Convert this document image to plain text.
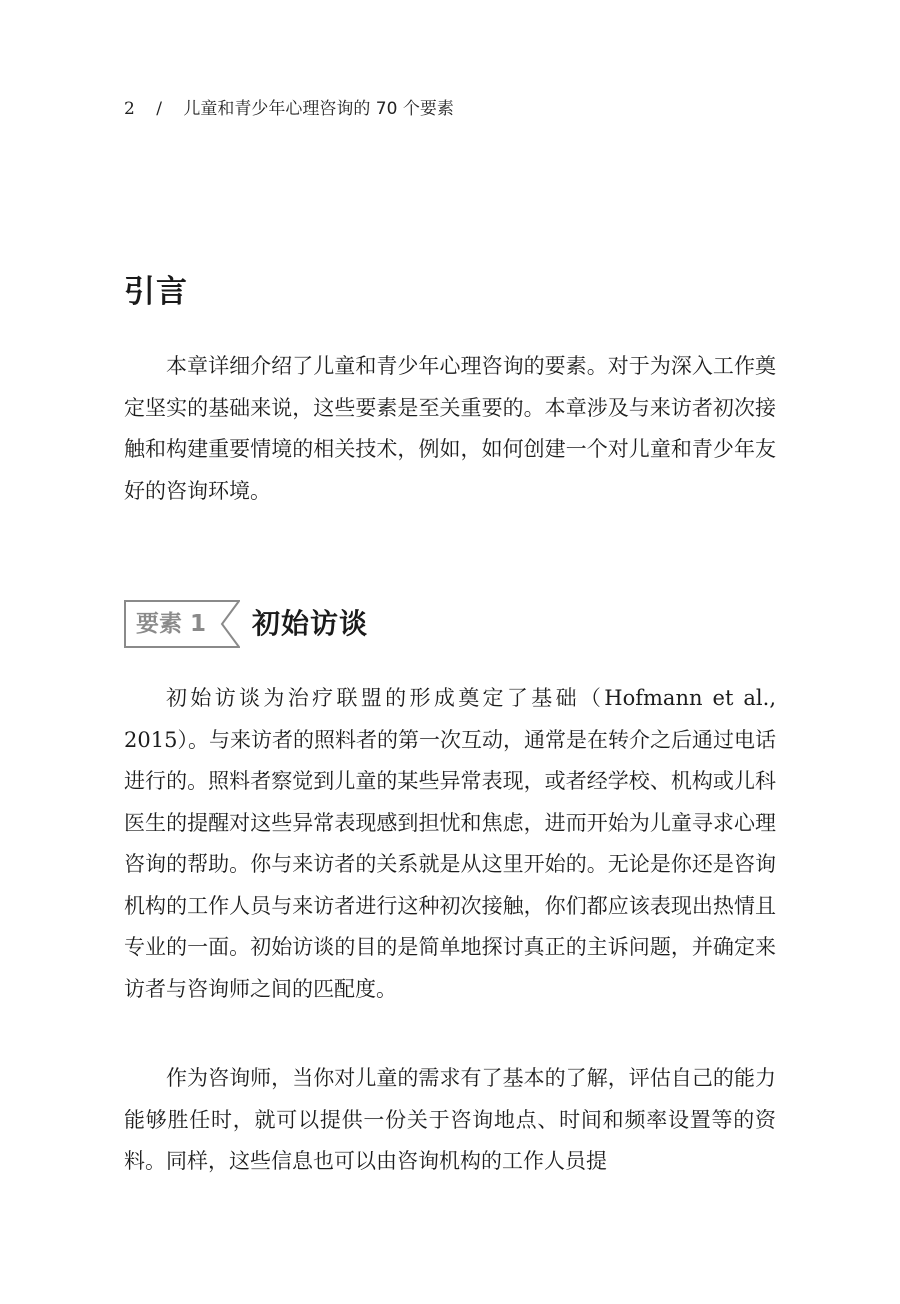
2 / 儿童和青少年心理咨询的 70 个要素
引言

本章详细介绍了儿童和青少年心理咨询的要素。对于为深入工作奠定坚实的基础来说，这些要素是至关重要的。本章涉及与来访者初次接触和构建重要情境的相关技术，例如，如何创建一个对儿童和青少年友好的咨询环境。

要素 1 初始访谈

初始访谈为治疗联盟的形成奠定了基础（Hofmann et al., 2015）。与来访者的照料者的第一次互动，通常是在转介之后通过电话进行的。照料者察觉到儿童的某些异常表现，或者经学校、机构或儿科医生的提醒对这些异常表现感到担忧和焦虑，进而开始为儿童寻求心理咨询的帮助。你与来访者的关系就是从这里开始的。无论是你还是咨询机构的工作人员与来访者进行这种初次接触，你们都应该表现出热情且专业的一面。初始访谈的目的是简单地探讨真正的主诉问题，并确定来访者与咨询师之间的匹配度。

作为咨询师，当你对儿童的需求有了基本的了解，评估自己的能力能够胜任时，就可以提供一份关于咨询地点、时间和频率设置等的资料。同样，这些信息也可以由咨询机构的工作人员提
